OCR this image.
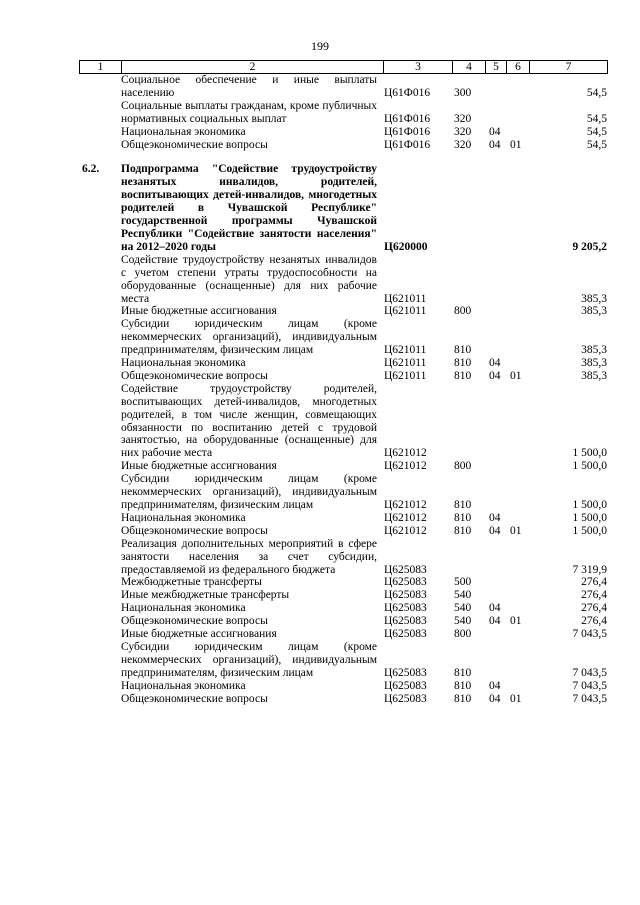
199
1	2	3	4	5	6	7
Социальное обеспечение и иные выплаты населению	Ц61Ф016 300	54,5
Социальные выплаты гражданам, кроме публичных нормативных социальных выплат	Ц61Ф016 320	54,5
Национальная экономика	Ц61Ф016 320 04	54,5
Общеэкономические вопросы	Ц61Ф016 320 04 01	54,5
6.2. Подпрограмма "Содействие трудоустройству незанятых инвалидов, родителей, воспитывающих детей-инвалидов, многодетных родителей в Чувашской Республике" государственной программы Чувашской Республики "Содействие занятости населения" на 2012–2020 годы	Ц620000	9 205,2
Содействие трудоустройству незанятых инвалидов с учетом степени утраты трудоспособности на оборудованные (оснащенные) для них рабочие места	Ц621011	385,3
Иные бюджетные ассигнования	Ц621011 800	385,3
Субсидии юридическим лицам (кроме некоммерческих организаций), индивидуальным предпринимателям, физическим лицам	Ц621011 810	385,3
Национальная экономика	Ц621011 810 04	385,3
Общеэкономические вопросы	Ц621011 810 04 01	385,3
Содействие трудоустройству родителей, воспитывающих детей-инвалидов, многодетных родителей, в том числе женщин, совмещающих обязанности по воспитанию детей с трудовой занятостью, на оборудованные (оснащенные) для них рабочие места	Ц621012	1 500,0
Иные бюджетные ассигнования	Ц621012 800	1 500,0
Субсидии юридическим лицам (кроме некоммерческих организаций), индивидуальным предпринимателям, физическим лицам	Ц621012 810	1 500,0
Национальная экономика	Ц621012 810 04	1 500,0
Общеэкономические вопросы	Ц621012 810 04 01	1 500,0
Реализация дополнительных мероприятий в сфере занятости населения за счет субсидии, предоставляемой из федерального бюджета	Ц625083	7 319,9
Межбюджетные трансферты	Ц625083 500	276,4
Иные межбюджетные трансферты	Ц625083 540	276,4
Национальная экономика	Ц625083 540 04	276,4
Общеэкономические вопросы	Ц625083 540 04 01	276,4
Иные бюджетные ассигнования	Ц625083 800	7 043,5
Субсидии юридическим лицам (кроме некоммерческих организаций), индивидуальным предпринимателям, физическим лицам	Ц625083 810	7 043,5
Национальная экономика	Ц625083 810 04	7 043,5
Общеэкономические вопросы	Ц625083 810 04 01	7 043,5
